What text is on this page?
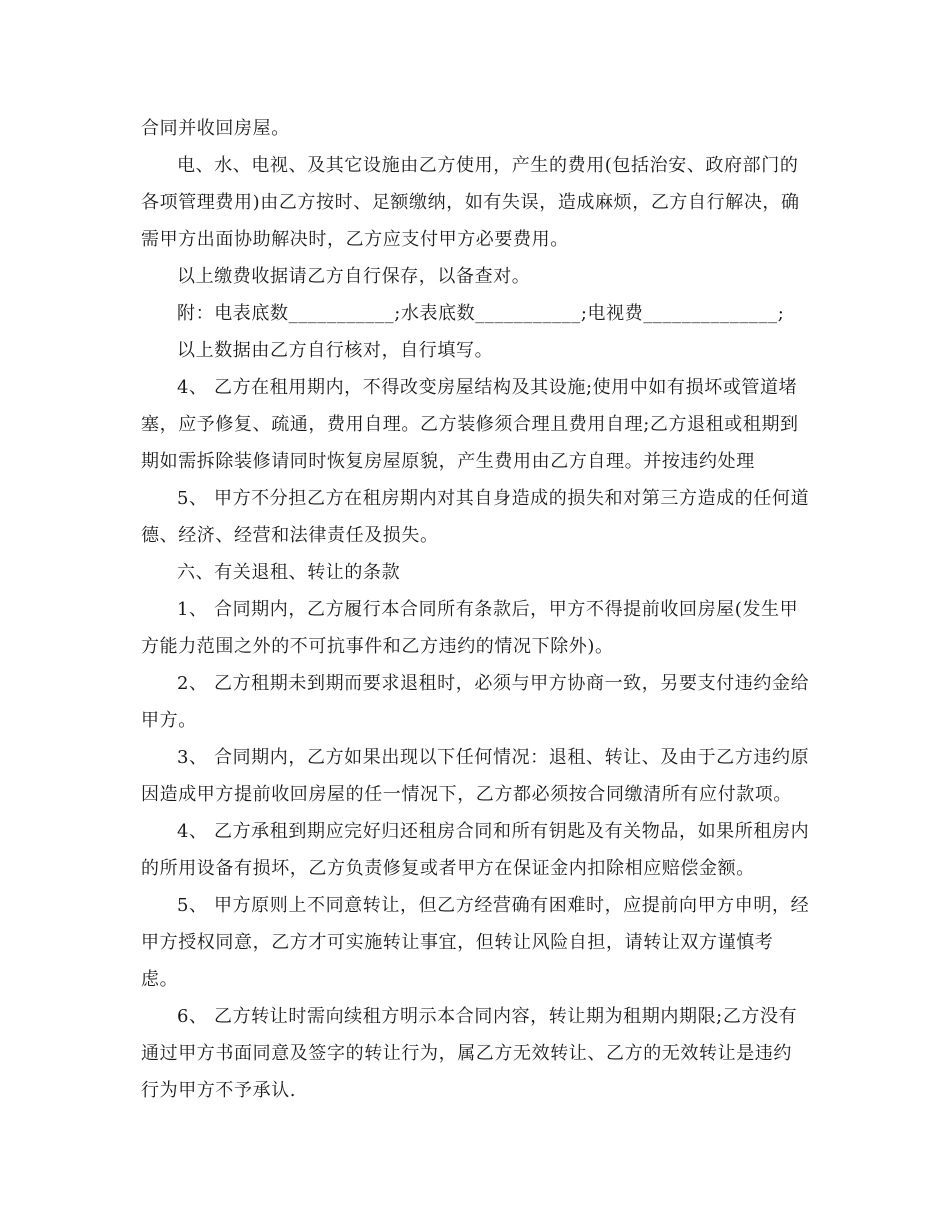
合同并收回房屋。
电、水、电视、及其它设施由乙方使用，产生的费用(包括治安、政府部门的
各项管理费用)由乙方按时、足额缴纳，如有失误，造成麻烦，乙方自行解决，确
需甲方出面协助解决时，乙方应支付甲方必要费用。
以上缴费收据请乙方自行保存，以备查对。
附：电表底数___________;水表底数___________;电视费______________;
以上数据由乙方自行核对，自行填写。
4、 乙方在租用期内，不得改变房屋结构及其设施;使用中如有损坏或管道堵
塞，应予修复、疏通，费用自理。乙方装修须合理且费用自理;乙方退租或租期到
期如需拆除装修请同时恢复房屋原貌，产生费用由乙方自理。并按违约处理
5、 甲方不分担乙方在租房期内对其自身造成的损失和对第三方造成的任何道
德、经济、经营和法律责任及损失。
六、有关退租、转让的条款
1、 合同期内，乙方履行本合同所有条款后，甲方不得提前收回房屋(发生甲
方能力范围之外的不可抗事件和乙方违约的情况下除外)。
2、 乙方租期未到期而要求退租时，必须与甲方协商一致，另要支付违约金给
甲方。
3、 合同期内，乙方如果出现以下任何情况：退租、转让、及由于乙方违约原
因造成甲方提前收回房屋的任一情况下，乙方都必须按合同缴清所有应付款项。
4、 乙方承租到期应完好归还租房合同和所有钥匙及有关物品，如果所租房内
的所用设备有损坏，乙方负责修复或者甲方在保证金内扣除相应赔偿金额。
5、 甲方原则上不同意转让，但乙方经营确有困难时，应提前向甲方申明，经
甲方授权同意，乙方才可实施转让事宜，但转让风险自担，请转让双方谨慎考
虑。
6、 乙方转让时需向续租方明示本合同内容，转让期为租期内期限;乙方没有
通过甲方书面同意及签字的转让行为，属乙方无效转让、乙方的无效转让是违约
行为甲方不予承认.
